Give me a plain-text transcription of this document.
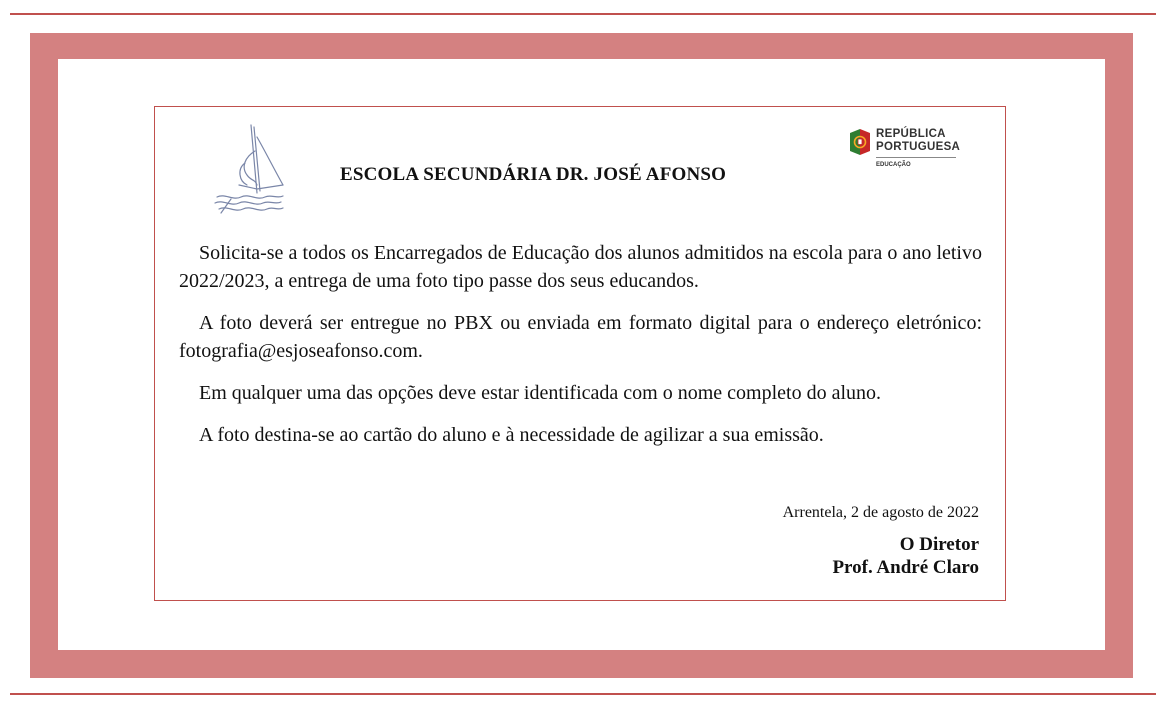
ESCOLA SECUNDÁRIA DR. JOSÉ AFONSO
REPÚBLICA
PORTUGUESA
EDUCAÇÃO

Solicita-se a todos os Encarregados de Educação dos alunos admitidos na escola para o ano letivo 2022/2023, a entrega de uma foto tipo passe dos seus educandos.

A foto deverá ser entregue no PBX ou enviada em formato digital para o endereço eletrónico: fotografia@esjoseafonso.com.

Em qualquer uma das opções deve estar identificada com o nome completo do aluno.

A foto destina-se ao cartão do aluno e à necessidade de agilizar a sua emissão.

Arrentela, 2 de agosto de 2022
O Diretor
Prof. André Claro
